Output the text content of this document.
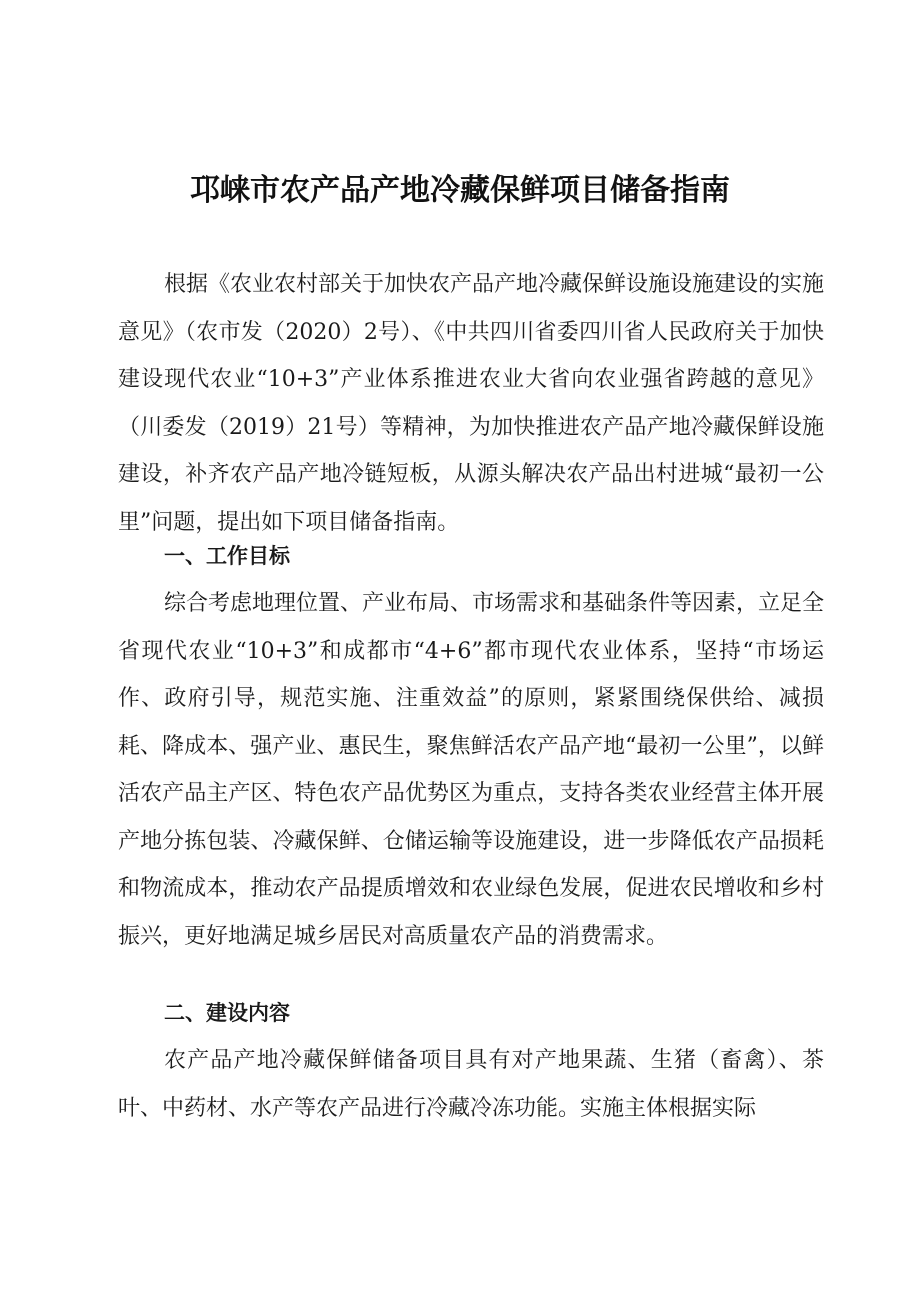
邛崃市农产品产地冷藏保鲜项目储备指南

根据《农业农村部关于加快农产品产地冷藏保鲜设施设施建设的实施意见》（农市发（2020）2号）、《中共四川省委四川省人民政府关于加快建设现代农业“10+3”产业体系推进农业大省向农业强省跨越的意见》（川委发（2019）21号）等精神，为加快推进农产品产地冷藏保鲜设施建设，补齐农产品产地冷链短板，从源头解决农产品出村进城“最初一公里”问题，提出如下项目储备指南。

一、工作目标

综合考虑地理位置、产业布局、市场需求和基础条件等因素，立足全省现代农业“10+3”和成都市“4+6”都市现代农业体系，坚持“市场运作、政府引导，规范实施、注重效益”的原则，紧紧围绕保供给、减损耗、降成本、强产业、惠民生，聚焦鲜活农产品产地“最初一公里”，以鲜活农产品主产区、特色农产品优势区为重点，支持各类农业经营主体开展产地分拣包装、冷藏保鲜、仓储运输等设施建设，进一步降低农产品损耗和物流成本，推动农产品提质增效和农业绿色发展，促进农民增收和乡村振兴，更好地满足城乡居民对高质量农产品的消费需求。

二、建设内容

农产品产地冷藏保鲜储备项目具有对产地果蔬、生猪（畜禽）、茶叶、中药材、水产等农产品进行冷藏冷冻功能。实施主体根据实际
